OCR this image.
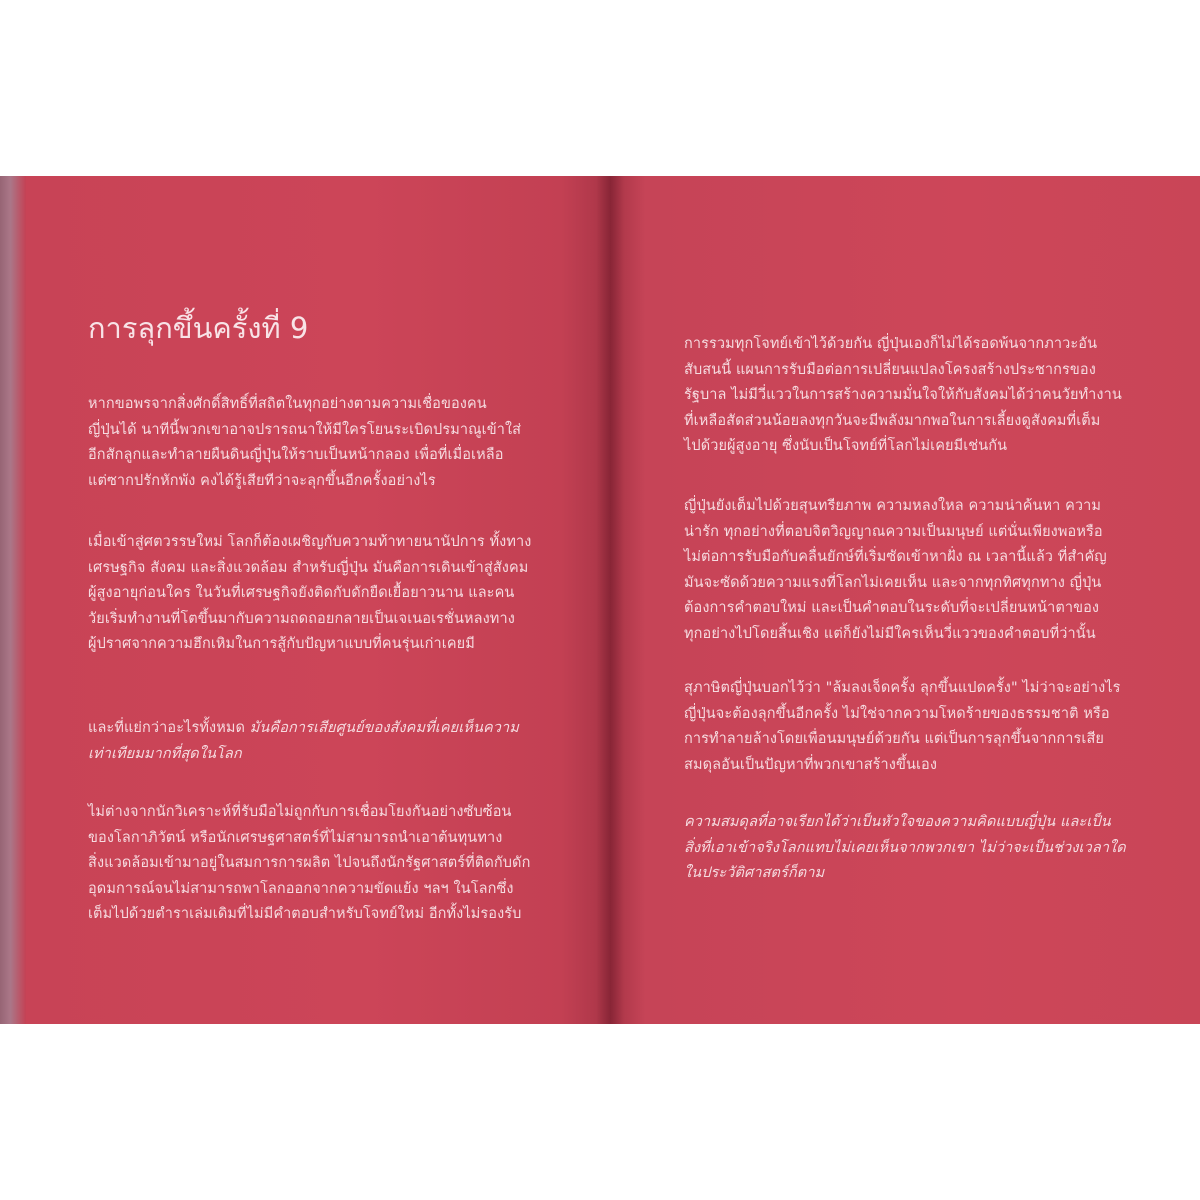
การลุกขึ้นครั้งที่ 9
หากขอพรจากสิ่งศักดิ์สิทธิ์ที่สถิตในทุกอย่างตามความเชื่อของคน
ญี่ปุ่นได้ นาทีนี้พวกเขาอาจปรารถนาให้มีใครโยนระเบิดปรมาณูเข้าใส่
อีกสักลูกและทำลายผืนดินญี่ปุ่นให้ราบเป็นหน้ากลอง เพื่อที่เมื่อเหลือ
แต่ซากปรักหักพัง คงได้รู้เสียทีว่าจะลุกขึ้นอีกครั้งอย่างไร
เมื่อเข้าสู่ศตวรรษใหม่ โลกก็ต้องเผชิญกับความท้าทายนานัปการ ทั้งทาง
เศรษฐกิจ สังคม และสิ่งแวดล้อม สำหรับญี่ปุ่น มันคือการเดินเข้าสู่สังคม
ผู้สูงอายุก่อนใคร ในวันที่เศรษฐกิจยังติดกับดักยืดเยื้อยาวนาน และคน
วัยเริ่มทำงานที่โตขึ้นมากับความถดถอยกลายเป็นเจเนอเรชั่นหลงทาง
ผู้ปราศจากความฮึกเหิมในการสู้กับปัญหาแบบที่คนรุ่นเก่าเคยมี
และที่แย่กว่าอะไรทั้งหมด มันคือการเสียศูนย์ของสังคมที่เคยเห็นความ
เท่าเทียมมากที่สุดในโลก
ไม่ต่างจากนักวิเคราะห์ที่รับมือไม่ถูกกับการเชื่อมโยงกันอย่างซับซ้อน
ของโลกาภิวัตน์ หรือนักเศรษฐศาสตร์ที่ไม่สามารถนำเอาต้นทุนทาง
สิ่งแวดล้อมเข้ามาอยู่ในสมการการผลิต ไปจนถึงนักรัฐศาสตร์ที่ติดกับดัก
อุดมการณ์จนไม่สามารถพาโลกออกจากความขัดแย้ง ฯลฯ ในโลกซึ่ง
เต็มไปด้วยตำราเล่มเดิมที่ไม่มีคำตอบสำหรับโจทย์ใหม่ อีกทั้งไม่รองรับ
การรวมทุกโจทย์เข้าไว้ด้วยกัน ญี่ปุ่นเองก็ไม่ได้รอดพ้นจากภาวะอัน
สับสนนี้ แผนการรับมือต่อการเปลี่ยนแปลงโครงสร้างประชากรของ
รัฐบาล ไม่มีวี่แววในการสร้างความมั่นใจให้กับสังคมได้ว่าคนวัยทำงาน
ที่เหลือสัดส่วนน้อยลงทุกวันจะมีพลังมากพอในการเลี้ยงดูสังคมที่เต็ม
ไปด้วยผู้สูงอายุ ซึ่งนับเป็นโจทย์ที่โลกไม่เคยมีเช่นกัน
ญี่ปุ่นยังเต็มไปด้วยสุนทรียภาพ ความหลงใหล ความน่าค้นหา ความ
น่ารัก ทุกอย่างที่ตอบจิตวิญญาณความเป็นมนุษย์ แต่นั่นเพียงพอหรือ
ไม่ต่อการรับมือกับคลื่นยักษ์ที่เริ่มซัดเข้าหาฝั่ง ณ เวลานี้แล้ว ที่สำคัญ
มันจะซัดด้วยความแรงที่โลกไม่เคยเห็น และจากทุกทิศทุกทาง ญี่ปุ่น
ต้องการคำตอบใหม่ และเป็นคำตอบในระดับที่จะเปลี่ยนหน้าตาของ
ทุกอย่างไปโดยสิ้นเชิง แต่ก็ยังไม่มีใครเห็นวี่แววของคำตอบที่ว่านั้น
สุภาษิตญี่ปุ่นบอกไว้ว่า "ล้มลงเจ็ดครั้ง ลุกขึ้นแปดครั้ง" ไม่ว่าจะอย่างไร
ญี่ปุ่นจะต้องลุกขึ้นอีกครั้ง ไม่ใช่จากความโหดร้ายของธรรมชาติ หรือ
การทำลายล้างโดยเพื่อนมนุษย์ด้วยกัน แต่เป็นการลุกขึ้นจากการเสีย
สมดุลอันเป็นปัญหาที่พวกเขาสร้างขึ้นเอง
ความสมดุลที่อาจเรียกได้ว่าเป็นหัวใจของความคิดแบบญี่ปุ่น และเป็น
สิ่งที่เอาเข้าจริงโลกแทบไม่เคยเห็นจากพวกเขา ไม่ว่าจะเป็นช่วงเวลาใด
ในประวัติศาสตร์ก็ตาม
